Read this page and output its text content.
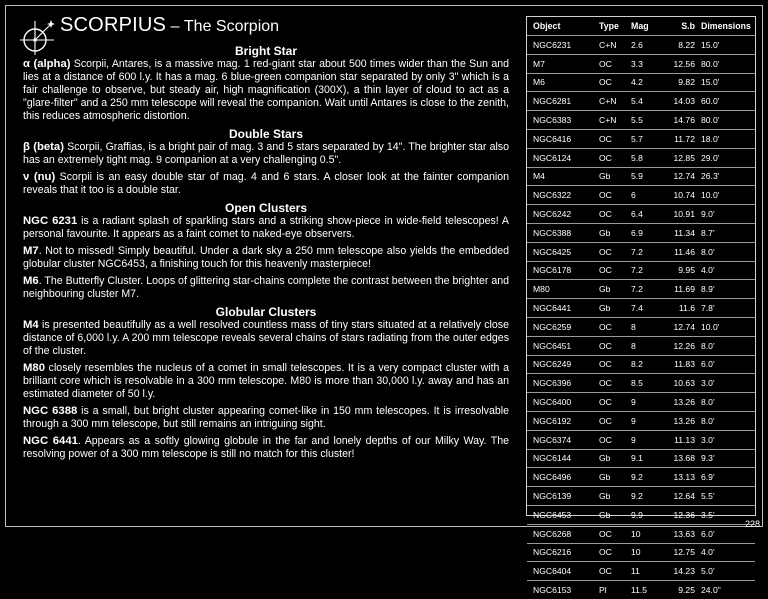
SCORPIUS – The Scorpion
Bright Star

α (alpha) Scorpii, Antares, is a massive mag. 1 red-giant star about 500 times wider than the Sun and lies at a distance of 600 l.y. It has a mag. 6 blue-green companion star separated by only 3" which is a fair challenge to observe, but steady air, high magnification (300X), a thin layer of cloud to act as a "glare-filter" and a 250 mm telescope will reveal the companion. Wait until Antares is close to the zenith, this reduces atmospheric distortion.

Double Stars

β (beta) Scorpii, Graffias, is a bright pair of mag. 3 and 5 stars separated by 14". The brighter star also has an extremely tight mag. 9 companion at a very challenging 0.5".

ν (nu) Scorpii is an easy double star of mag. 4 and 6 stars. A closer look at the fainter companion reveals that it too is a double star.

Open Clusters

NGC 6231 is a radiant splash of sparkling stars and a striking show-piece in wide-field telescopes! A personal favourite. It appears as a faint comet to naked-eye observers.

M7. Not to missed! Simply beautiful. Under a dark sky a 250 mm telescope also yields the embedded globular cluster NGC6453, a finishing touch for this heavenly masterpiece!

M6. The Butterfly Cluster. Loops of glittering star-chains complete the contrast between the brighter and neighbouring cluster M7.

Globular Clusters

M4 is presented beautifully as a well resolved countless mass of tiny stars situated at a relatively close distance of 6,000 l.y. A 200 mm telescope reveals several chains of stars radiating from the outer edges of the cluster.

M80 closely resembles the nucleus of a comet in small telescopes. It is a very compact cluster with a brilliant core which is resolvable in a 300 mm telescope. M80 is more than 30,000 l.y. away and has an estimated diameter of 50 l.y.

NGC 6388 is a small, but bright cluster appearing comet-like in 150 mm telescopes. It is irresolvable through a 300 mm telescope, but still remains an intriguing sight.

NGC 6441. Appears as a softly glowing globule in the far and lonely depths of our Milky Way. The resolving power of a 300 mm telescope is still no match for this cluster!

Object	Type	Mag	S.b	Dimensions
NGC6231	C+N	2.6	8.22	15.0'
M7	OC	3.3	12.56	80.0'
M6	OC	4.2	9.82	15.0'
NGC6281	C+N	5.4	14.03	60.0'
NGC6383	C+N	5.5	14.76	80.0'
NGC6416	OC	5.7	11.72	18.0'
NGC6124	OC	5.8	12.85	29.0'
M4	Gb	5.9	12.74	26.3'
NGC6322	OC	6	10.74	10.0'
NGC6242	OC	6.4	10.91	9.0'
NGC6388	Gb	6.9	11.34	8.7'
NGC6425	OC	7.2	11.46	8.0'
NGC6178	OC	7.2	9.95	4.0'
M80	Gb	7.2	11.69	8.9'
NGC6441	Gb	7.4	11.6	7.8'
NGC6259	OC	8	12.74	10.0'
NGC6451	OC	8	12.26	8.0'
NGC6249	OC	8.2	11.83	6.0'
NGC6396	OC	8.5	10.63	3.0'
NGC6400	OC	9	13.26	8.0'
NGC6192	OC	9	13.26	8.0'
NGC6374	OC	9	11.13	3.0'
NGC6144	Gb	9.1	13.68	9.3'
NGC6496	Gb	9.2	13.13	6.9'
NGC6139	Gb	9.2	12.64	5.5'
NGC6453	Gb	9.9	12.36	3.5'
NGC6268	OC	10	13.63	6.0'
NGC6216	OC	10	12.75	4.0'
NGC6404	OC	11	14.23	5.0'
NGC6153	Pl	11.5	9.25	24.0"
228
